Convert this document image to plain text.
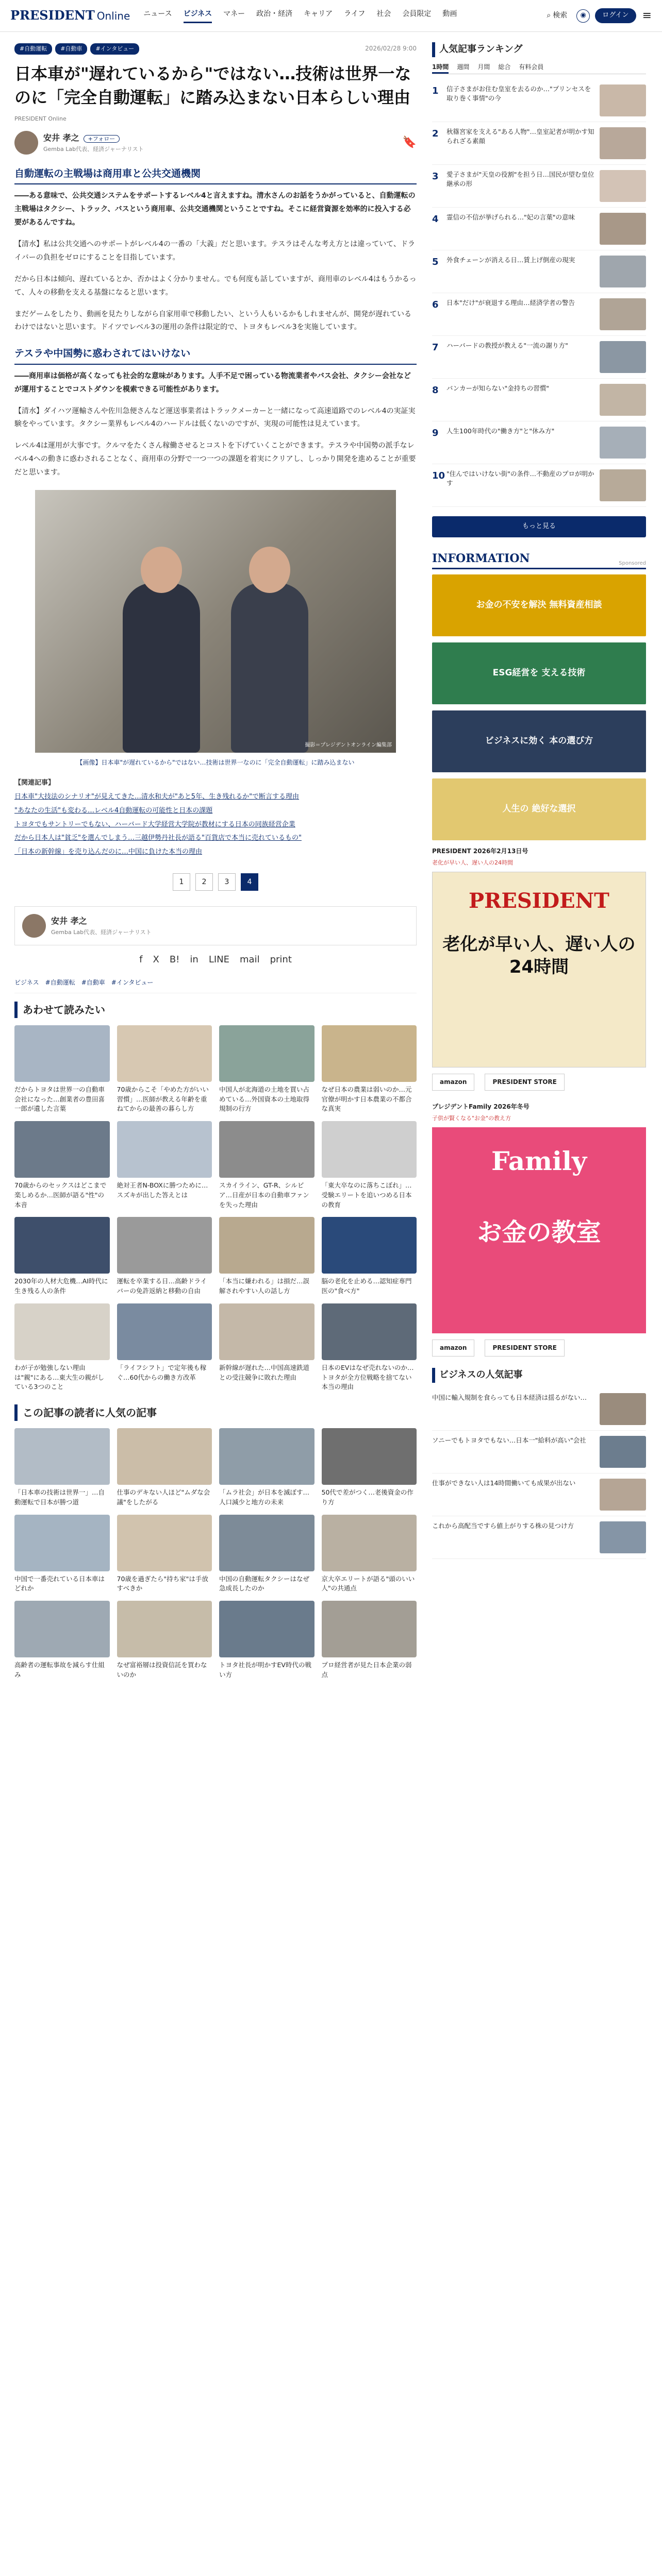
PRESIDENT Online ニュース ビジネス マネー 政治・経済 キャリア ライフ 社会 会員限定 動画	⌕ 検索	◉	ログイン	≡
#自動運転	#自動車	#インタビュー	2026/02/28 9:00
日本車が"遅れているから"ではない…技術は世界一なのに「完全自動運転」に踏み込まない日本らしい理由
PRESIDENT Online
安井 孝之 +フォロー
Gemba Lab代表、経済ジャーナリスト
🔖
自動運転の主戦場は商用車と公共交通機関

――ある意味で、公共交通システムをサポートするレベル4と言えますね。清水さんのお話をうかがっていると、自動運転の主戦場はタクシー、トラック、バスという商用車、公共交通機関ということですね。そこに経営資源を効率的に投入する必要があるんですね。

【清水】私は公共交通へのサポートがレベル4の一番の「大義」だと思います。テスラはそんな考え方とは違っていて、ドライバーの負担をゼロにすることを目指しています。

だから日本は傾向、遅れているとか、否かはよく分かりません。でも何度も話していますが、商用車のレベル4はもうかるって、人々の移動を支える基盤になると思います。

まだゲームをしたり、動画を見たりしながら自家用車で移動したい、という人もいるかもしれませんが、開発が遅れているわけではないと思います。ドイツでレベル3の運用の条件は限定的で、トヨタもレベル3を実施しています。

テスラや中国勢に惑わされてはいけない

――商用車は価格が高くなっても社会的な意味があります。人手不足で困っている物流業者やバス会社、タクシー会社などが運用することでコストダウンを模索できる可能性があります。

【清水】ダイハツ運輸さんや佐川急便さんなど運送事業者はトラックメーカーと一緒になって高速道路でのレベル4の実証実験をやっています。タクシー業界もレベル4のハードルは低くないのですが、実現の可能性は見えています。

レベル4は運用が大事です。クルマをたくさん稼働させるとコストを下げていくことができます。テスラや中国勢の派手なレベル4への動きに惑わされることなく、商用車の分野で一つ一つの課題を着実にクリアし、しっかり開発を進めることが重要だと思います。

撮影＝プレジデントオンライン編集部
【画像】日本車"が遅れているから"ではない…技術は世界一なのに「完全自動運転」に踏み込まない
【関連記事】
日本車"大技法のシナリオ"が見えてきた…清水和夫が"あと5年、生き残れるか"で断言する理由
"あなたの生活"も変わる…レベル4自動運転の可能性と日本の課題
トヨタでもサントリーでもない、ハーバード大学経営大学院が教材にする日本の同族経営企業
だから日本人は"貧乏"を選んでしまう…三越伊勢丹社長が語る"百貨店で本当に売れているもの"
「日本の新幹線」を売り込んだのに…中国に負けた本当の理由
1	2	3	4
安井 孝之
Gemba Lab代表、経済ジャーナリスト
f X B! in LINE mail print
ビジネス #自動運転 #自動車 #インタビュー
あわせて読みたい
だからトヨタは世界一の自動車会社になった…創業者の豊田喜一郎が遺した言葉
70歳からこそ「やめた方がいい習慣」…医師が教える年齢を重ねてからの最善の暮らし方
中国人が北海道の土地を買い占めている…外国資本の土地取得規制の行方
なぜ日本の農業は弱いのか…元官僚が明かす日本農業の不都合な真実
70歳からのセックスはどこまで楽しめるか…医師が語る"性"の本音
絶対王者N-BOXに勝つために…スズキが出した答えとは
スカイライン、GT-R、シルビア…日産が日本の自動車ファンを失った理由
「東大卒なのに落ちこぼれ」…受験エリートを追いつめる日本の教育
2030年の人材大危機…AI時代に生き残る人の条件
運転を卒業する日…高齢ドライバーの免許返納と移動の自由
「本当に嫌われる」は損だ…誤解されやすい人の話し方
脳の老化を止める…認知症専門医の"食べ方"
わが子が勉強しない理由は"親"にある…東大生の親がしている3つのこと
「ライフシフト」で定年後も稼ぐ…60代からの働き方改革
新幹線が遅れた…中国高速鉄道との受注競争に敗れた理由
日本のEVはなぜ売れないのか…トヨタが全方位戦略を捨てない本当の理由
この記事の読者に人気の記事
「日本車の技術は世界一」…自動運転で日本が勝つ道
仕事のデキない人ほど"ムダな会議"をしたがる
「ムラ社会」が日本を滅ぼす…人口減少と地方の未来
50代で差がつく…老後資金の作り方
中国で一番売れている日本車はどれか
70歳を過ぎたら"持ち家"は手放すべきか
中国の自動運転タクシーはなぜ急成長したのか
京大卒エリートが語る"頭のいい人"の共通点
高齢者の運転事故を減らす仕組み
なぜ富裕層は投資信託を買わないのか
トヨタ社長が明かすEV時代の戦い方
プロ経営者が見た日本企業の弱点
人気記事ランキング
1時間 週間 月間 総合 有料会員
1	信子さまがお住む皇室を去るのか…"プリンセスを取り巻く事情"の今
2	秋篠宮家を支える"ある人物"…皇室記者が明かす知られざる素顔
3	愛子さまが"天皇の役割"を担う日…国民が望む皇位継承の形
4	霊信の不信が挙げられる…"妃の言葉"の意味
5	外食チェーンが消える日…賃上げ倒産の現実
6	日本"だけ"が衰退する理由…経済学者の警告
7	ハーバードの教授が教える"一流の謝り方"
8	バンカーが知らない"金持ちの習慣"
9	人生100年時代の"働き方"と"休み方"
10 "住んではいけない街"の条件…不動産のプロが明かす
もっと見る
INFORMATION	Sponsored
お金の不安を解決 無料資産相談
ESG経営を 支える技術
ビジネスに効く 本の選び方
人生の 絶好な選択
PRESIDENT 2026年2月13日号
老化が早い人、遅い人の24時間
PRESIDENT
老化が早い人、遅い人の24時間
amazon	PRESIDENT STORE
プレジデントFamily 2026年冬号
子供が賢くなる"お金"の教え方
Family
お金の教室
amazon	PRESIDENT STORE
ビジネスの人気記事
中国に輸入規制を食らっても日本経済は揺るがない…
ソニーでもトヨタでもない…日本一"給料が高い"会社
仕事ができない人は14時間働いても成果が出ない
これから高配当ですら値上がりする株の見つけ方
